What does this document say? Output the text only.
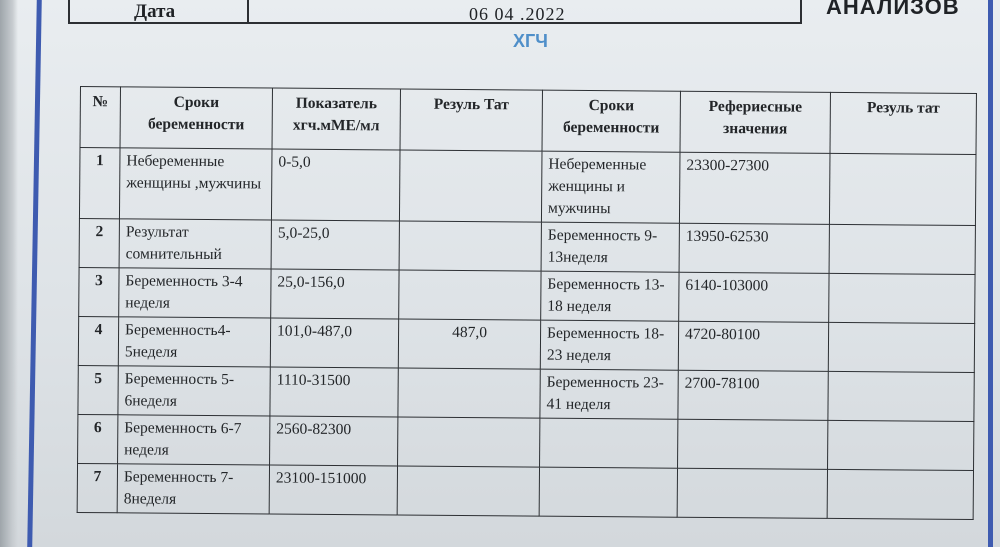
Дата	06 04 .2022	АНАЛИЗОВ
ХГЧ
№	Сроки беременности	Показатель хгч.мМЕ/мл	Резуль Тат	Сроки беременности	Рефериесные значения	Резуль тат
1	Небеременные женщины ,мужчины	0-5,0		Небеременные женщины и мужчины	23300-27300	
2	Результат сомнительный	5,0-25,0		Беременность 9-13неделя	13950-62530	
3	Беременность 3-4 неделя	25,0-156,0		Беременность 13-18 неделя	6140-103000	
4	Беременность4-5неделя	101,0-487,0	487,0	Беременность 18-23 неделя	4720-80100	
5	Беременность 5-6неделя	1110-31500		Беременность 23-41 неделя	2700-78100	
6	Беременность 6-7 неделя	2560-82300				
7	Беременность 7-8неделя	23100-151000				
